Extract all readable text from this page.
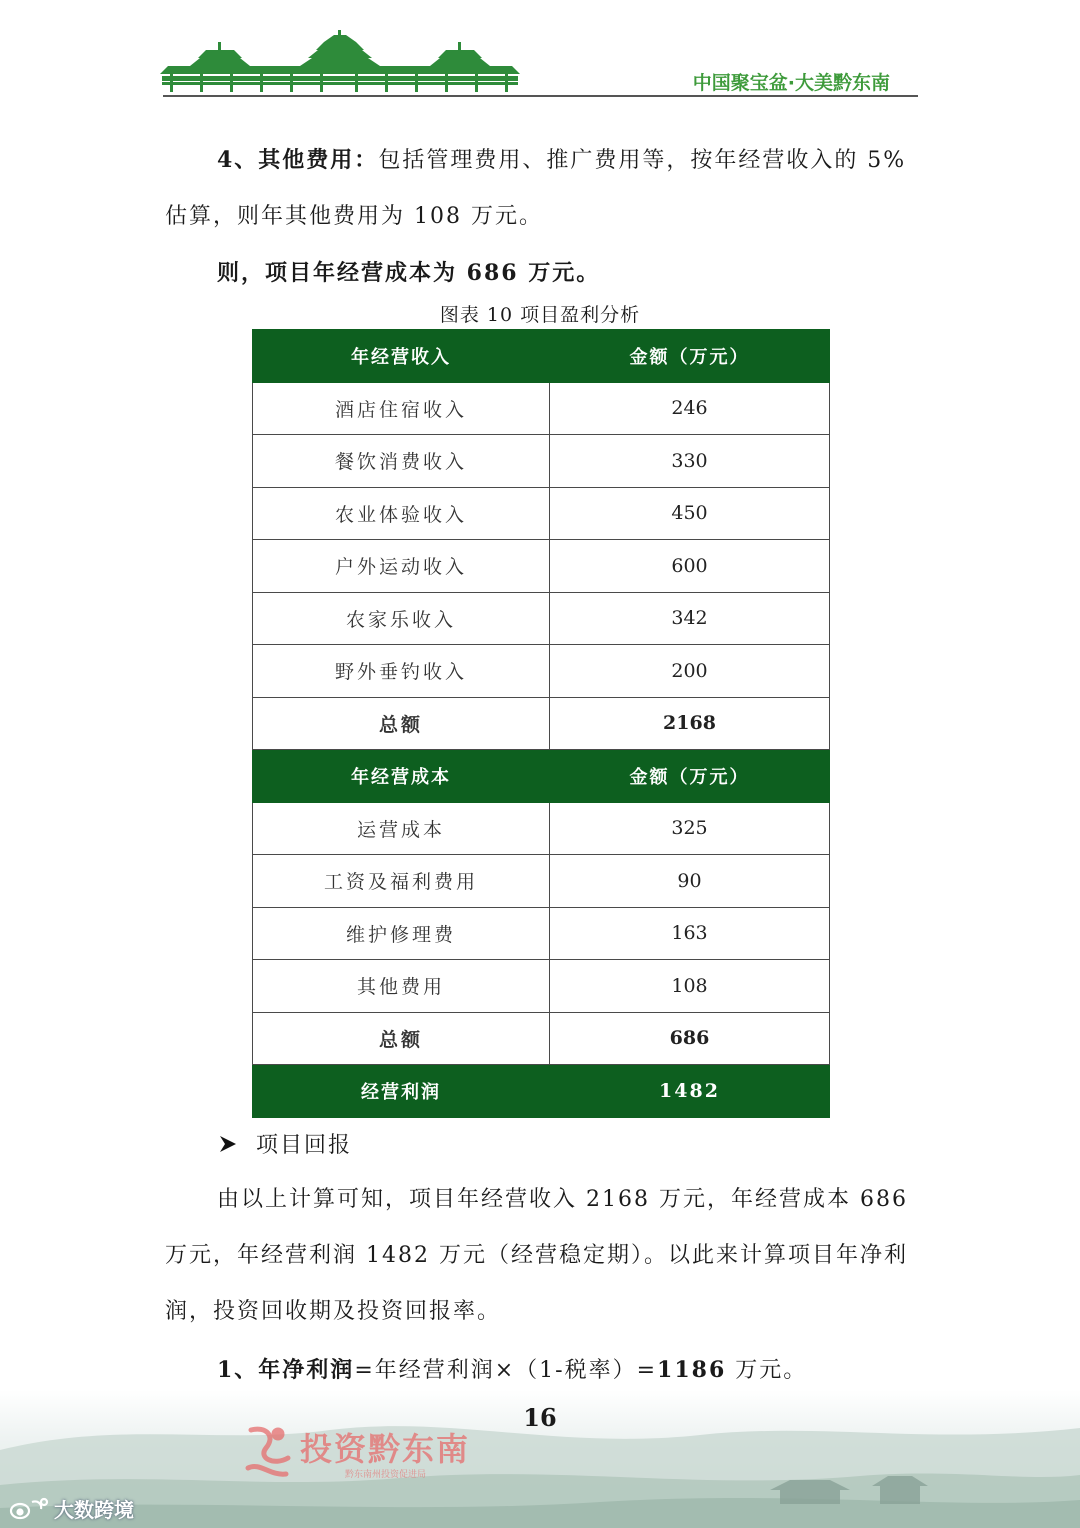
中国聚宝盆·大美黔东南
4、其他费用：包括管理费用、推广费用等，按年经营收入的 5%估算，则年其他费用为 108 万元。
则，项目年经营成本为 686 万元。
图表 10 项目盈利分析
年经营收入	金额（万元）
酒店住宿收入	246
餐饮消费收入	330
农业体验收入	450
户外运动收入	600
农家乐收入	342
野外垂钓收入	200
总额	2168
年经营成本	金额（万元）
运营成本	325
工资及福利费用	90
维护修理费	163
其他费用	108
总额	686
经营利润	1482
项目回报
由以上计算可知，项目年经营收入 2168 万元，年经营成本 686 万元，年经营利润 1482 万元（经营稳定期）。以此来计算项目年净利润，投资回收期及投资回报率。
1、年净利润=年经营利润×（1-税率）=1186 万元。
16
投资黔东南
黔东南州投资促进局
大数跨境
